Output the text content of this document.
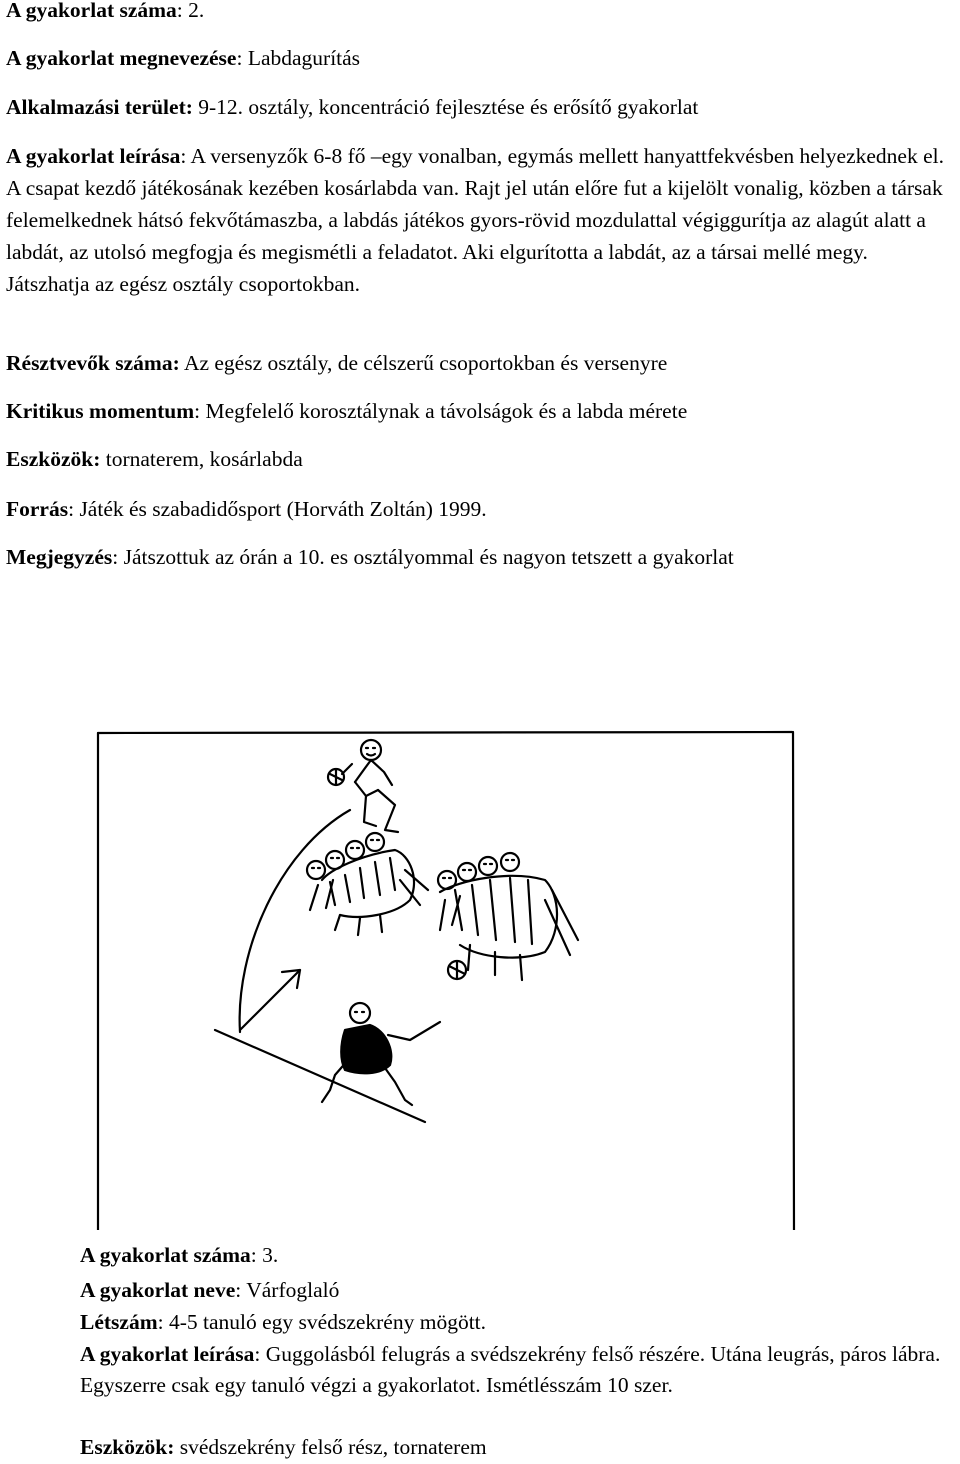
A gyakorlat száma: 2.

A gyakorlat megnevezése: Labdagurítás

Alkalmazási terület: 9-12. osztály, koncentráció fejlesztése és erősítő gyakorlat

A gyakorlat leírása: A versenyzők 6-8 fő –egy vonalban, egymás mellett hanyattfekvésben helyezkednek el. A csapat kezdő játékosának kezében kosárlabda van. Rajt jel után előre fut a kijelölt vonalig, közben a társak felemelkednek hátsó fekvőtámaszba, a labdás játékos gyors-rövid mozdulattal végiggurítja az alagút alatt a labdát, az utolsó megfogja és megismétli a feladatot. Aki elgurította a labdát, az a társai mellé megy. Játszhatja az egész osztály csoportokban.

Résztvevők száma: Az egész osztály, de célszerű csoportokban és versenyre

Kritikus momentum: Megfelelő korosztálynak a távolságok és a labda mérete

Eszközök: tornaterem, kosárlabda

Forrás: Játék és szabadidősport (Horváth Zoltán) 1999.

Megjegyzés: Játszottuk az órán a 10. es osztályommal és nagyon tetszett a gyakorlat

A gyakorlat száma: 3.

A gyakorlat neve: Várfoglaló

Létszám: 4-5 tanuló egy svédszekrény mögött.

A gyakorlat leírása: Guggolásból felugrás a svédszekrény felső részére. Utána leugrás, páros lábra. Egyszerre csak egy tanuló végzi a gyakorlatot. Ismétlésszám 10 szer.

Eszközök: svédszekrény felső rész, tornaterem
